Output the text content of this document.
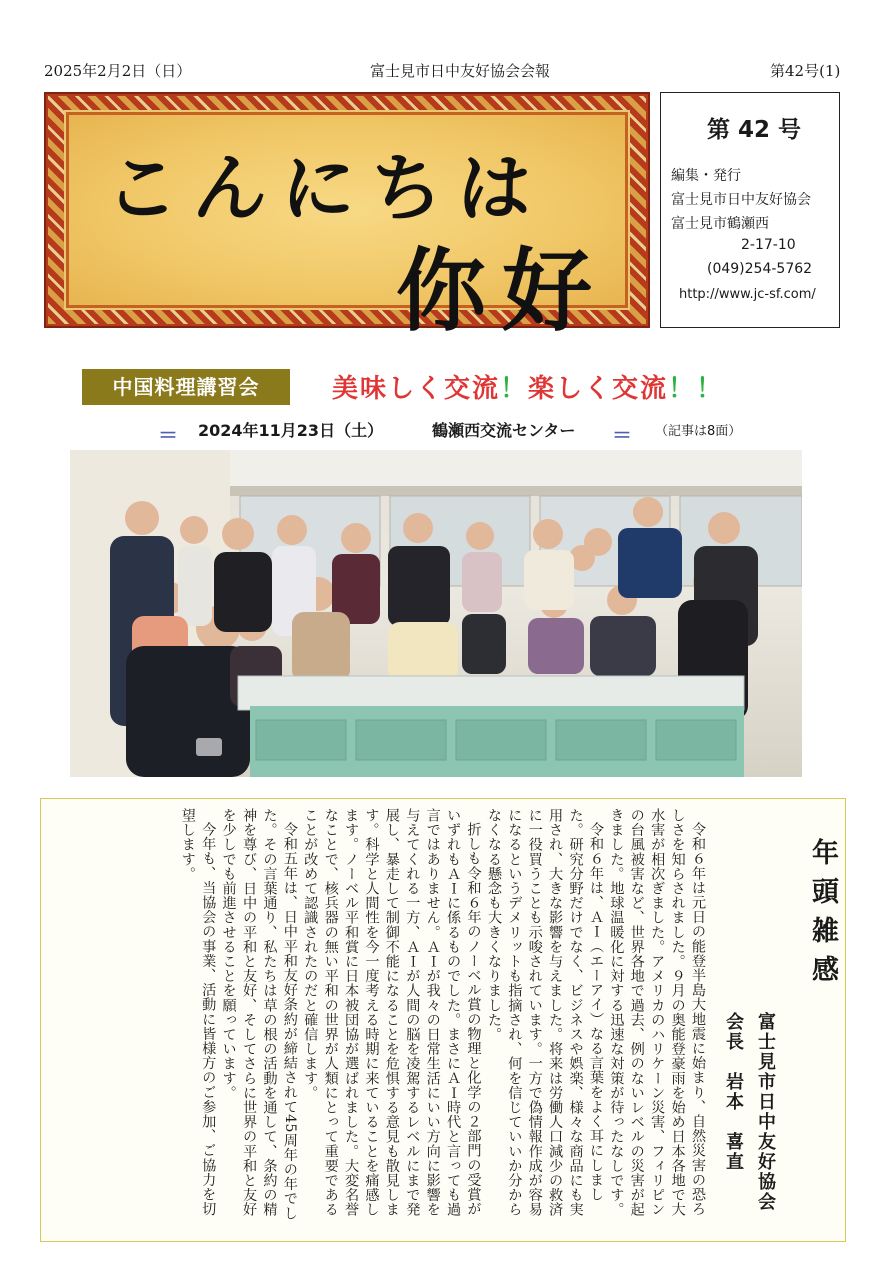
2025年2月2日（日）	富士見市日中友好協会会報	第42号(1)
こんにちは
你好
第 42 号
編集・発行
富士見市日中友好協会
富士見市鶴瀬西
2-17-10
(049)254-5762
http://www.jc-sf.com/
中国料理講習会	美味しく交流！楽しく交流！！
＝ 2024年11月23日（土）	鶴瀬西交流センター ＝ （記事は8面）
年頭雑感
富士見市日中友好協会
会長　岩本　喜直

令和６年は元日の能登半島大地震に始まり、自然災害の恐ろしさを知らされました。９月の奥能登豪雨を始め日本各地で大水害が相次ぎました。アメリカのハリケーン災害、フィリピンの台風被害など、世界各地で過去、例のないレベルの災害が起きました。地球温暖化に対する迅速な対策が待ったなしです。

令和６年は、ＡＩ（エーアイ）なる言葉をよく耳にしました。研究分野だけでなく、ビジネスや娯楽、様々な商品にも実用され、大きな影響を与えました。将来は労働人口減少の救済に一役買うことも示唆されています。一方で偽情報作成が容易になるというデメリットも指摘され、何を信じていいか分からなくなる懸念も大きくなりました。

折しも令和６年のノーベル賞の物理と化学の２部門の受賞がいずれもＡＩに係るものでした。まさにＡＩ時代と言っても過言ではありません。ＡＩが我々の日常生活にいい方向に影響を与えてくれる一方、ＡＩが人間の脳を凌駕するレベルにまで発展し、暴走して制御不能になることを危惧する意見も散見します。科学と人間性を今一度考える時期に来ていることを痛感します。ノーベル平和賞に日本被団協が選ばれました。大変名誉なことで、核兵器の無い平和の世界が人類にとって重要であることが改めて認識されたのだと確信します。

令和五年は、日中平和友好条約が締結されて45周年の年でした。その言葉通り、私たちは草の根の活動を通して、条約の精神を尊び、日中の平和と友好、そしてさらに世界の平和と友好を少しでも前進させることを願っています。

今年も、当協会の事業、活動に皆様方のご参加、ご協力を切望します。
